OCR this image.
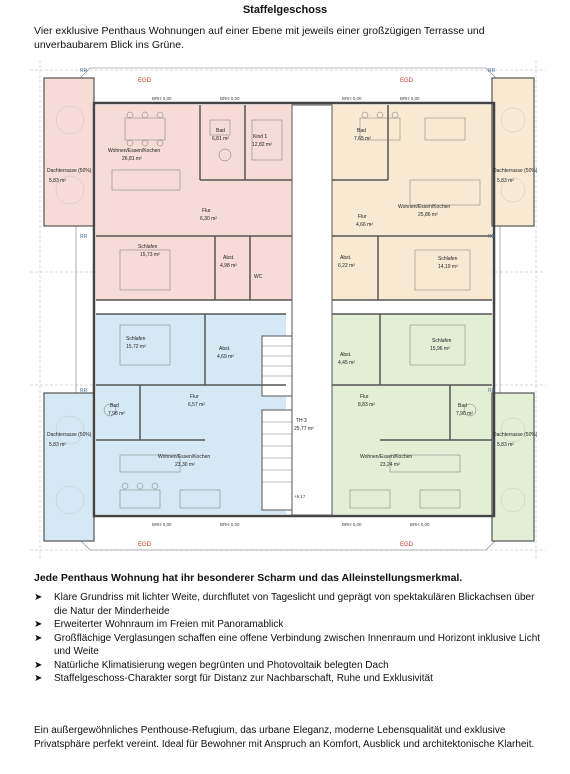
Staffelgeschoss
Vier exklusive Penthaus Wohnungen auf einer Ebene mit jeweils einer großzügigen Terrasse und unverbaubarem Blick ins Grüne.
Wohnen/Essen/Kochen
26,81 m²
Bad
6,81 m²	Kind 1
12,82 m²
Flur
6,30 m²
Schlafen
15,73 m²	Abst.
4,98 m²
WC
Bad
7,65 m²
Flur
4,66 m²
Wohnen/Essen/Kochen
25,86 m²
Abst.
6,22 m²
Schlafen
14,19 m²
Schlafen
15,72 m²	Abst.
4,69 m²
Bad
7,98 m²
Flur
6,57 m²
Wohnen/Essen/Kochen
23,30 m²
Abst.
4,45 m²
Schlafen
15,96 m²
Flur
8,83 m²	Bad
7,90 m²
Wohnen/Essen/Kochen
23,24 m²
TH 3
25,77 m²
Dachterrasse (50%)
5,83 m²
Dachterrasse (50%)
5,83 m²
Dachterrasse (50%)
5,83 m²
Dachterrasse (50%)
5,83 m²
EGD	EGD
EGD	EGD
RR	RR
RR	RR
RR	RR
BRH 0,00	BRH 0,00	BRH 0,00	BRH 0,00
BRH 0,00	BRH 0,00	BRH 0,00	BRH 0,00
+6,17
Jede Penthaus Wohnung hat ihr besonderer Scharm und das Alleinstellungsmerkmal.
➤ Klare Grundriss mit lichter Weite, durchflutet von Tageslicht und geprägt von spektakulären Blickachsen über die Natur der Minderheide
➤ Erweiterter Wohnraum im Freien mit Panoramablick
➤ Großflächige Verglasungen schaffen eine offene Verbindung zwischen Innenraum und Horizont inklusive Licht und Weite
➤ Natürliche Klimatisierung wegen begrünten und Photovoltaik belegten Dach
➤ Staffelgeschoss-Charakter sorgt für Distanz zur Nachbarschaft, Ruhe und Exklusivität
Ein außergewöhnliches Penthouse-Refugium, das urbane Eleganz, moderne Lebensqualität und exklusive Privatsphäre perfekt vereint. Ideal für Bewohner mit Anspruch an Komfort, Ausblick und architektonische Klarheit.
